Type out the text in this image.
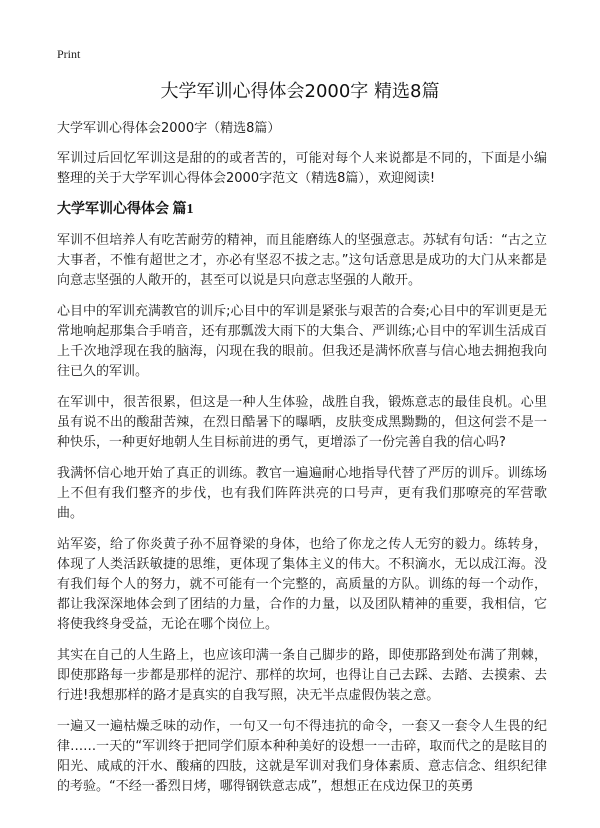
Print
大学军训心得体会2000字 精选8篇

大学军训心得体会2000字（精选8篇）

军训过后回忆军训这是甜的的或者苦的，可能对每个人来说都是不同的，下面是小编整理的关于大学军训心得体会2000字范文（精选8篇），欢迎阅读!

大学军训心得体会 篇1

军训不但培养人有吃苦耐劳的精神，而且能磨练人的坚强意志。苏轼有句话：“古之立大事者，不惟有超世之才，亦必有坚忍不拔之志。”这句话意思是成功的大门从来都是向意志坚强的人敞开的，甚至可以说是只向意志坚强的人敞开。

心目中的军训充满教官的训斥;心目中的军训是紧张与艰苦的合奏;心目中的军训更是无常地响起那集合手哨音，还有那瓢泼大雨下的大集合、严训练;心目中的军训生活成百上千次地浮现在我的脑海，闪现在我的眼前。但我还是满怀欣喜与信心地去拥抱我向往已久的军训。

在军训中，很苦很累，但这是一种人生体验，战胜自我，锻炼意志的最佳良机。心里虽有说不出的酸甜苦辣，在烈日酷暑下的曝晒，皮肤变成黑黝黝的，但这何尝不是一种快乐，一种更好地朝人生目标前进的勇气，更增添了一份完善自我的信心吗?

我满怀信心地开始了真正的训练。教官一遍遍耐心地指导代替了严厉的训斥。训练场上不但有我们整齐的步伐，也有我们阵阵洪亮的口号声，更有我们那嘹亮的军营歌曲。

站军姿，给了你炎黄子孙不屈脊梁的身体，也给了你龙之传人无穷的毅力。练转身，体现了人类活跃敏捷的思维，更体现了集体主义的伟大。不积滴水，无以成江海。没有我们每个人的努力，就不可能有一个完整的，高质量的方队。训练的每一个动作，都让我深深地体会到了团结的力量，合作的力量，以及团队精神的重要，我相信，它将使我终身受益，无论在哪个岗位上。

其实在自己的人生路上，也应该印满一条自己脚步的路，即使那路到处布满了荆棘，即使那路每一步都是那样的泥泞、那样的坎坷，也得让自己去踩、去踏、去摸索、去行进!我想那样的路才是真实的自我写照，决无半点虚假伪装之意。

一遍又一遍枯燥乏味的动作，一句又一句不得违抗的命令，一套又一套令人生畏的纪律……一天的“军训终于把同学们原本种种美好的设想一一击碎，取而代之的是眩目的阳光、咸咸的汗水、酸痛的四肢，这就是军训对我们身体素质、意志信念、组织纪律的考验。“不经一番烈日烤，哪得钢铁意志成”，想想正在戍边保卫的英勇
